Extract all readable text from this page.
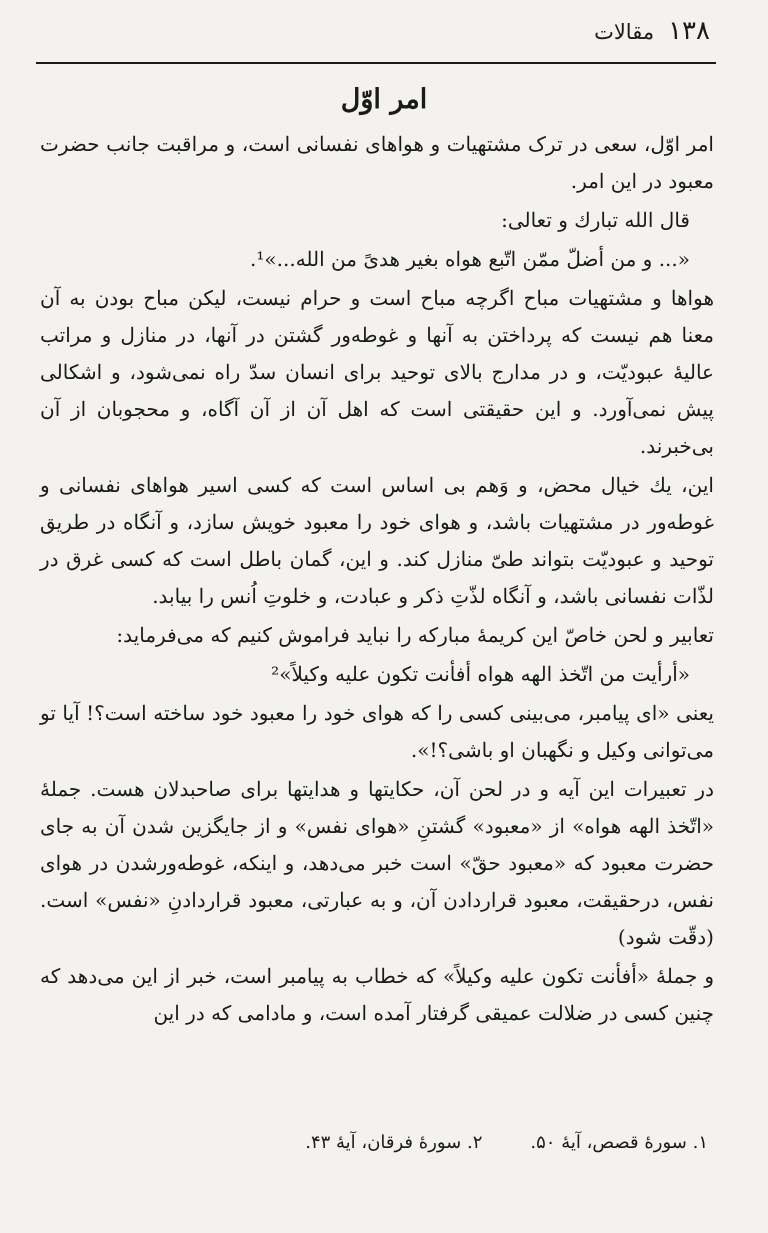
۱۳۸
مقالات
امر اوّل

امر اوّل، سعی در ترک مشتهیات و هواهای نفسانی است، و مراقبت جانب حضرت معبود در این امر.

قال الله تبارك و تعالی:

«... و من أضلّ ممّن اتّبع هواه بغیر هدیً من الله...»¹.

هواها و مشتهیات مباح اگرچه مباح است و حرام نیست، لیکن مباح بودن به آن معنا هم نیست که پرداختن به آنها و غوطه‌ور گشتن در آنها، در منازل و مراتب عالیهٔ عبودیّت، و در مدارج بالای توحید برای انسان سدّ راه نمی‌شود، و اشکالی پیش نمی‌آورد. و این حقیقتی است که اهل آن از آن آگاه، و محجوبان از آن بی‌خبرند.

این، یك خیال محض، و وَهم بی اساس است که کسی اسیر هواهای نفسانی و غوطه‌ور در مشتهیات باشد، و هوای خود را معبود خویش سازد، و آنگاه در طریق توحید و عبودیّت بتواند طیّ منازل کند. و این، گمان باطل است که کسی غرق در لذّات نفسانی باشد، و آنگاه لذّتِ ذکر و عبادت، و خلوتِ اُنس را بیابد.

تعابیر و لحن خاصّ این کریمهٔ مبارکه را نباید فراموش کنیم که می‌فرماید:

«أرأیت من اتّخذ الهه هواه أفأنت تکون علیه وکیلاً»²

یعنی «ای پیامبر، می‌بینی کسی را که هوای خود را معبود خود ساخته است؟! آیا تو می‌توانی وکیل و نگهبان او باشی؟!».

در تعبیرات این آیه و در لحن آن، حکایتها و هدایتها برای صاحبدلان هست. جملهٔ «اتّخذ الهه هواه» از «معبود» گشتنِ «هوای نفس» و از جایگزین شدن آن به جای حضرت معبود که «معبود حقّ» است خبر می‌دهد، و اینکه، غوطه‌ورشدن در هوای نفس، درحقیقت، معبود قراردادن آن، و به عبارتی، معبود قراردادنِ «نفس» است. (دقّت شود)

و جملهٔ «أفأنت تکون علیه وکیلاً» که خطاب به پیامبر است، خبر از این می‌دهد که چنین کسی در ضلالت عمیقی گرفتار آمده است، و مادامی که در این

۱. سورهٔ قصص، آیهٔ ۵۰.
۲. سورهٔ فرقان، آیهٔ ۴۳.
